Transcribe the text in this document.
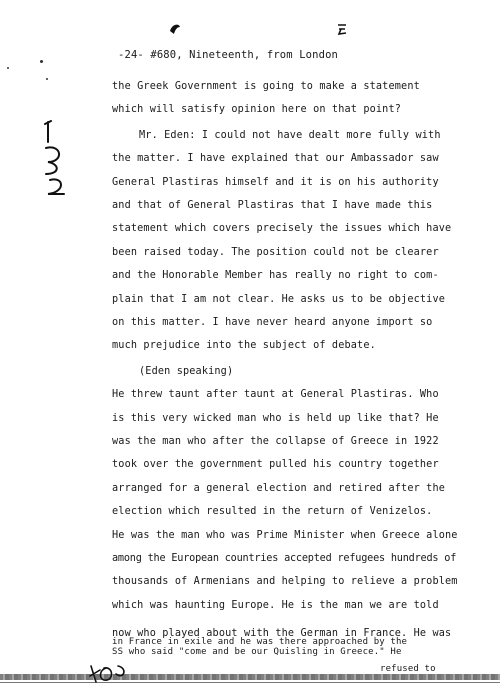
-24- #680, Nineteenth, from London
the Greek Government is going to make a statement
which will satisfy opinion here on that point?
Mr. Eden: I could not have dealt more fully with
the matter. I have explained that our Ambassador saw
General Plastiras himself and it is on his authority
and that of General Plastiras that I have made this
statement which covers precisely the issues which have
been raised today. The position could not be clearer
and the Honorable Member has really no right to com-
plain that I am not clear. He asks us to be objective
on this matter. I have never heard anyone import so
much prejudice into the subject of debate.
(Eden speaking)
He threw taunt after taunt at General Plastiras. Who
is this very wicked man who is held up like that? He
was the man who after the collapse of Greece in 1922
took over the government pulled his country together
arranged for a general election and retired after the
election which resulted in the return of Venizelos.
He was the man who was Prime Minister when Greece alone
among the European countries accepted refugees hundreds of
thousands of Armenians and helping to relieve a problem
which was haunting Europe. He is the man we are told
now who played about with the German in France. He was
in France in exile and he was there approached by the
SS who said "come and be our Quisling in Greece." He
refused to
